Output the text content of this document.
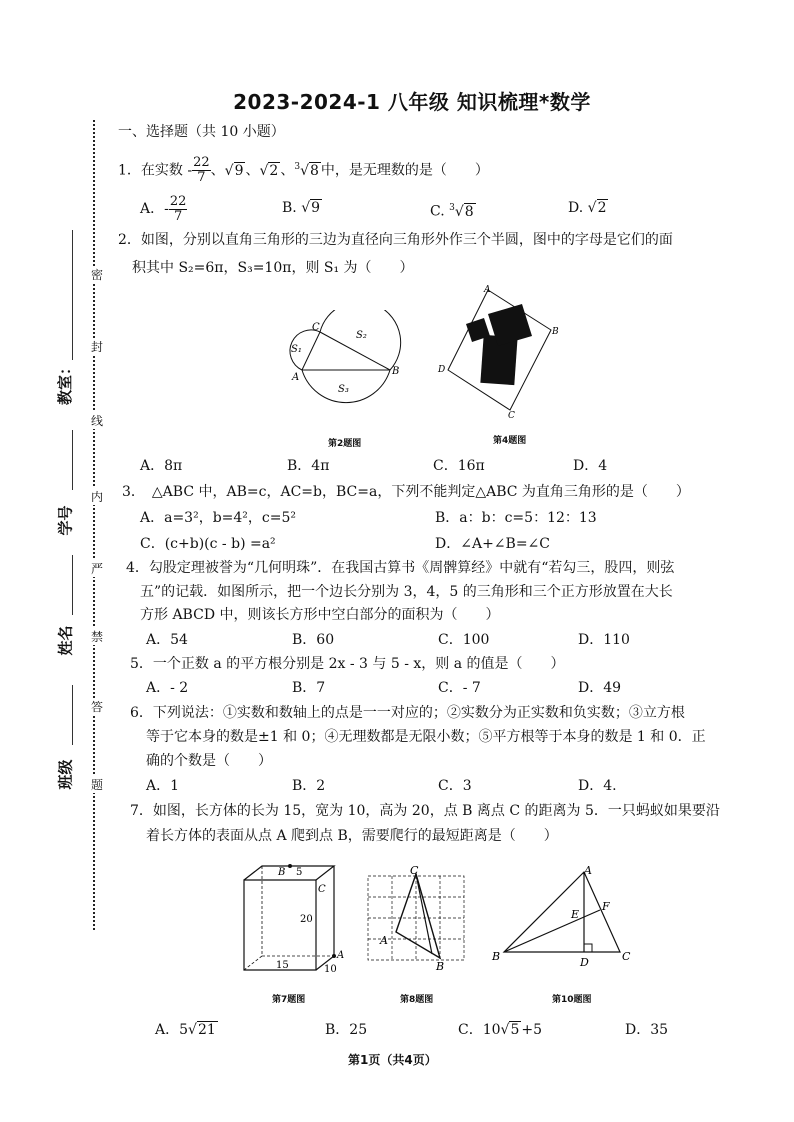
2023-2024-1 八年级 知识梳理*数学
教室：
学号
姓名
班级
密
封
线
内
严
禁
答
题
一、选择题（共 10 小题）
1．在实数 - $\frac{22}{7}$ 、√9 、√2 、$^3$√8 中，是无理数的是（　　）
A．- $\frac{22}{7}$	B. √9	C. $^3$√8	D. √2
2．如图，分别以直角三角形的三边为直径向三角形外作三个半圆，图中的字母是它们的面
积其中 S₂=6π，S₃=10π，则 S₁ 为（　　）
C
S₂
S₁
A
B
S₃
第2题图
A
B
D
C
第4题图
A．8π	B．4π	C．16π	D．4
3．　△ABC 中，AB=c，AC=b，BC=a，下列不能判定△ABC 为直角三角形的是（　　）
A．a=3²，b=4²，c=5²	B．a：b：c=5：12：13
C．(c+b)(c - b) =a²	D．∠A+∠B=∠C
4．勾股定理被誉为“几何明珠”．在我国古算书《周髀算经》中就有“若勾三，股四，则弦
五”的记载．如图所示，把一个边长分别为 3，4，5 的三角形和三个正方形放置在大长
方形 ABCD 中，则该长方形中空白部分的面积为（　　）
A．54	B．60	C．100	D．110
5．一个正数 a 的平方根分别是 2x - 3 与 5 - x，则 a 的值是（　　）
A．- 2	B．7	C．- 7	D．49
6．下列说法：①实数和数轴上的点是一一对应的；②实数分为正实数和负实数；③立方根
等于它本身的数是±1 和 0；④无理数都是无限小数；⑤平方根等于本身的数是 1 和 0．正
确的个数是（　　）
A．1	B．2	C．3	D．4.
7．如图，长方体的长为 15，宽为 10，高为 20，点 B 离点 C 的距离为 5．一只蚂蚁如果要沿
着长方体的表面从点 A 爬到点 B，需要爬行的最短距离是（　　）
B 5
C
20
A
15	10
第7题图
C
A
B
第8题图
A
E
F
B	D	C
第10题图
A．5√21	B．25	C．10√5 +5	D．35
第1页（共4页）
